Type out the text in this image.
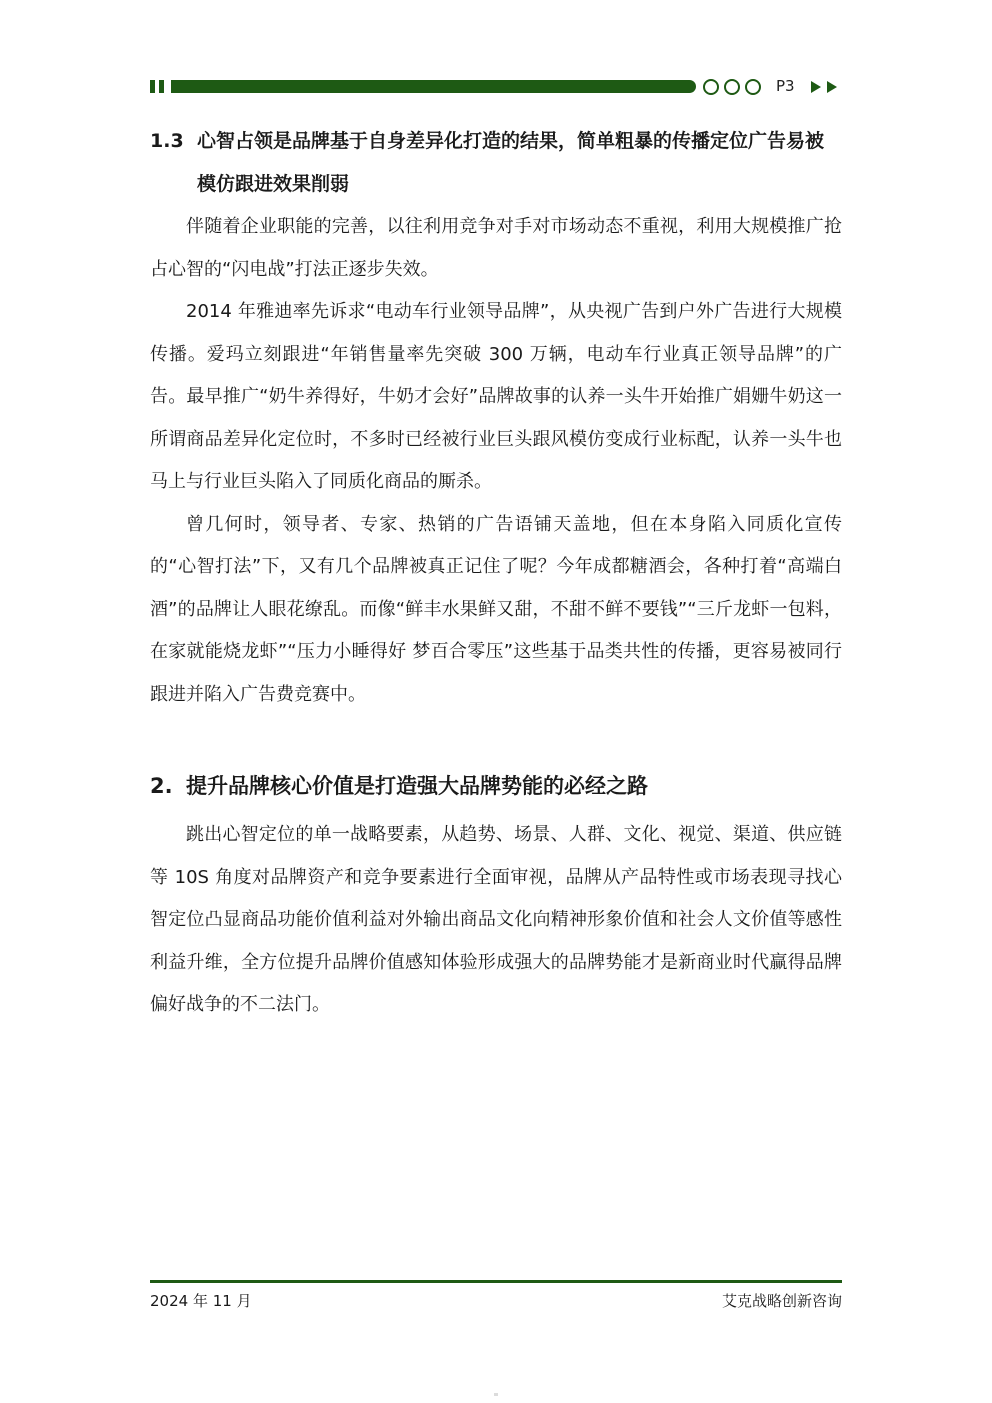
P3
1.3 心智占领是品牌基于自身差异化打造的结果，简单粗暴的传播定位广告易被模仿跟进效果削弱

伴随着企业职能的完善，以往利用竞争对手对市场动态不重视，利用大规模推广抢占心智的“闪电战”打法正逐步失效。

2014 年雅迪率先诉求“电动车行业领导品牌”，从央视广告到户外广告进行大规模传播。爱玛立刻跟进“年销售量率先突破 300 万辆，电动车行业真正领导品牌”的广告。最早推广“奶牛养得好，牛奶才会好”品牌故事的认养一头牛开始推广娟姗牛奶这一所谓商品差异化定位时，不多时已经被行业巨头跟风模仿变成行业标配，认养一头牛也马上与行业巨头陷入了同质化商品的厮杀。

曾几何时，领导者、专家、热销的广告语铺天盖地，但在本身陷入同质化宣传的“心智打法”下，又有几个品牌被真正记住了呢？今年成都糖酒会，各种打着“高端白酒”的品牌让人眼花缭乱。而像“鲜丰水果鲜又甜，不甜不鲜不要钱”“三斤龙虾一包料，在家就能烧龙虾”“压力小睡得好 梦百合零压”这些基于品类共性的传播，更容易被同行跟进并陷入广告费竞赛中。

2. 提升品牌核心价值是打造强大品牌势能的必经之路

跳出心智定位的单一战略要素，从趋势、场景、人群、文化、视觉、渠道、供应链等 10S 角度对品牌资产和竞争要素进行全面审视，品牌从产品特性或市场表现寻找心智定位凸显商品功能价值利益对外输出商品文化向精神形象价值和社会人文价值等感性利益升维，全方位提升品牌价值感知体验形成强大的品牌势能才是新商业时代赢得品牌偏好战争的不二法门。

2024 年 11 月	艾克战略创新咨询
